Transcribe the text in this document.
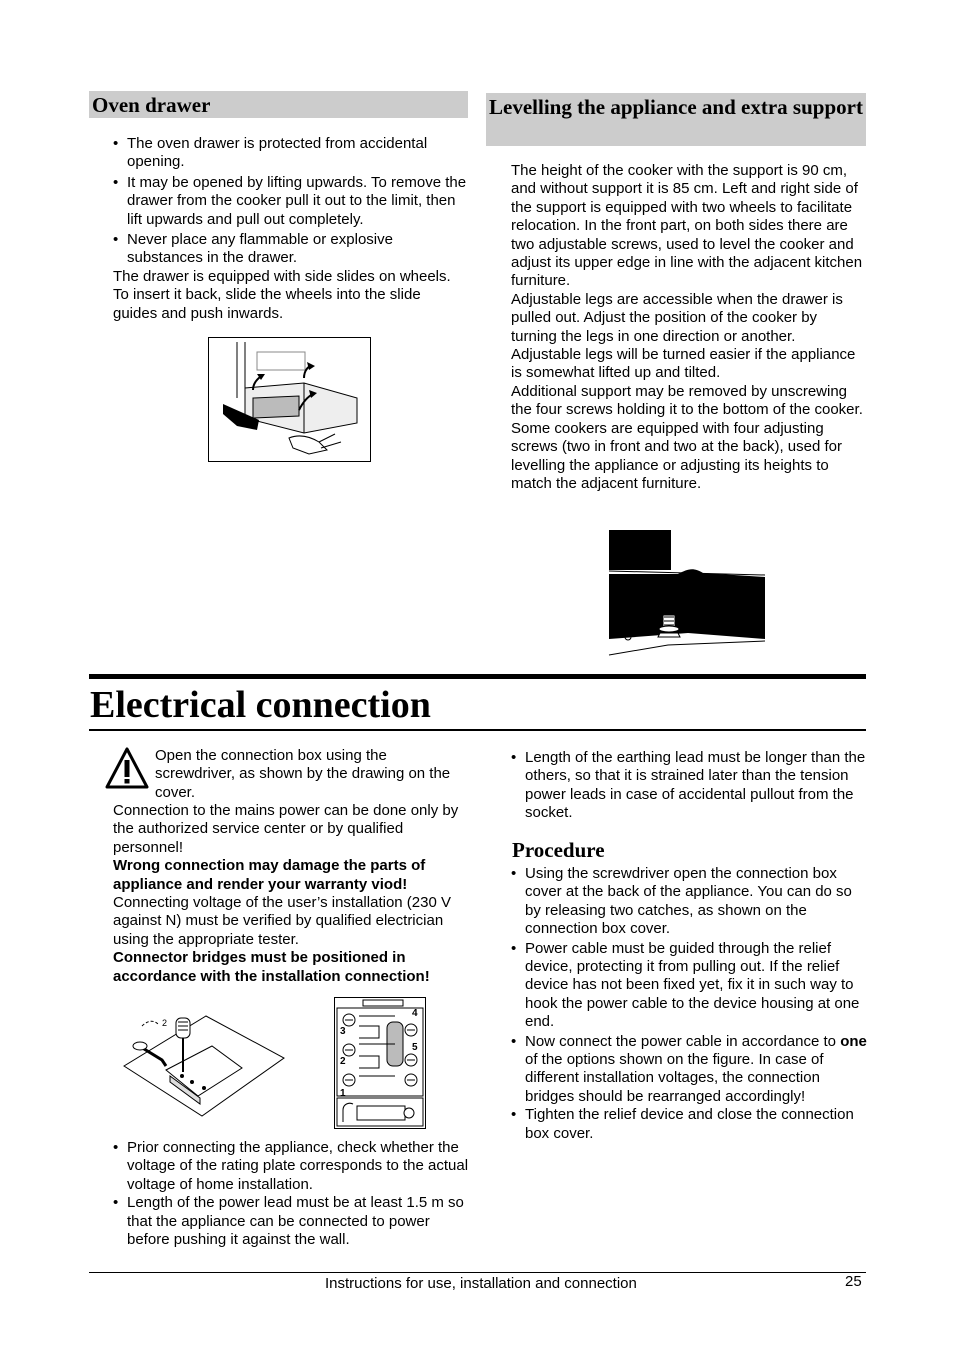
Oven drawer
• The oven drawer is protected from accidental opening.
• It may be opened by lifting upwards. To remove the drawer from the cooker pull it out to the limit, then lift upwards and pull out completely.
• Never place any flammable or explosive substances in the drawer.

The drawer is equipped with side slides on wheels. To insert it back, slide the wheels into the slide guides and push inwards.

Levelling the appliance and extra support

The height of the cooker with the support is 90 cm, and without support it is 85 cm. Left and right side of the support is equipped with two wheels to facilitate relocation. In the front part, on both sides there are two adjustable screws, used to level the cooker and adjust its upper edge in line with the adjacent kitchen furniture.

Adjustable legs are accessible when the drawer is pulled out. Adjust the position of the cooker by turning the legs in one direction or another. Adjustable legs will be turned easier if the appliance is somewhat lifted up and tilted.

Additional support may be removed by unscrewing the four screws holding it to the bottom of the cooker.

Some cookers are equipped with four adjusting screws (two in front and two at the back), used for levelling the appliance or adjusting its heights to match the adjacent furniture.

Electrical connection
Open the connection box using the screwdriver, as shown by the drawing on the cover.

Connection to the mains power can be done only by the authorized service center or by qualified personnel!

Wrong connection may damage the parts of appliance and render your warranty viod!

Connecting voltage of the user’s installation (230 V against N) must be verified by qualified electrician using the appropriate tester.

Connector bridges must be positioned in accordance with the installation connection!

2
4
3
5
2
1
• Prior connecting the appliance, check whether the voltage of the rating plate corresponds to the actual voltage of home installation.
• Length of the power lead must be at least 1.5 m so that the appliance can be connected to power before pushing it against the wall.
• Length of the earthing lead must be longer than the others, so that it is strained later than the tension power leads in case of accidental pullout from the socket.
Procedure
• Using the screwdriver open the connection box cover at the back of the appliance. You can do so by releasing two catches, as shown on the connection box cover.
• Power cable must be guided through the relief device, protecting it from pulling out. If the relief device has not been fixed yet, fix it in such way to hook the power cable to the device housing at one end.
• Now connect the power cable in accordance to one of the options shown on the figure. In case of different installation voltages, the connection bridges should be rearranged accordingly!
• Tighten the relief device and close the connection box cover.
Instructions for use, installation and connection	25
